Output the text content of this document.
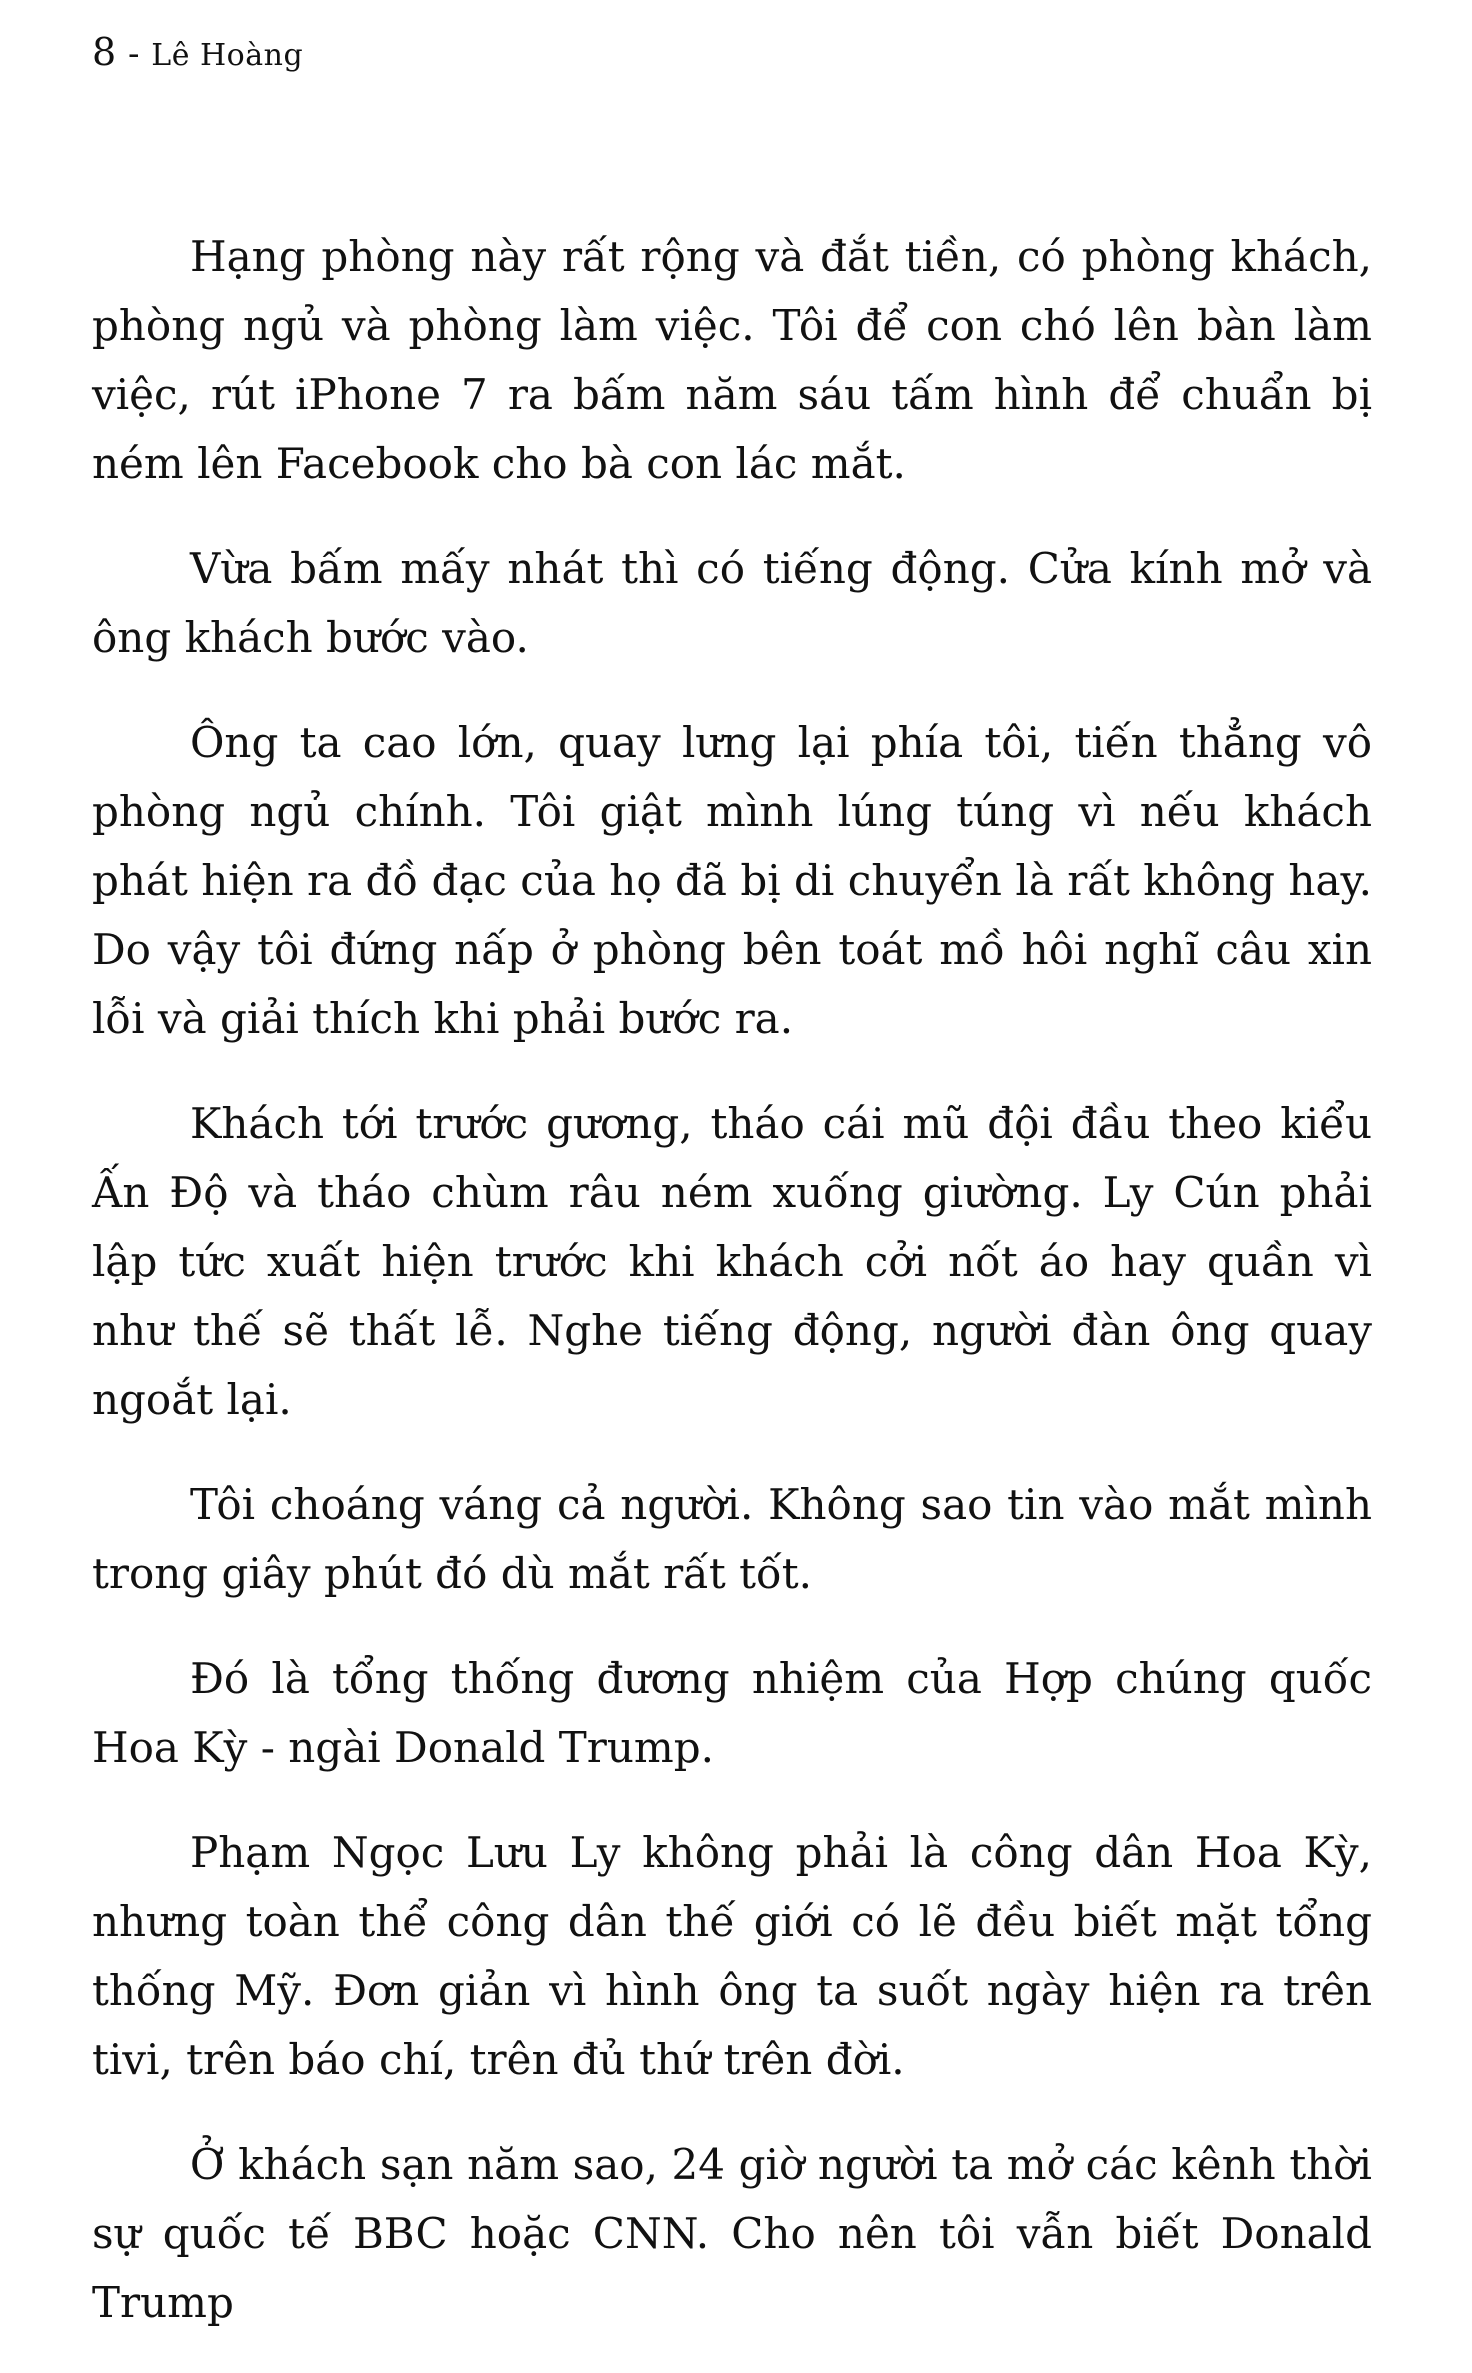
8 - Lê Hoàng

Hạng phòng này rất rộng và đắt tiền, có phòng khách, phòng ngủ và phòng làm việc. Tôi để con chó lên bàn làm việc, rút iPhone 7 ra bấm năm sáu tấm hình để chuẩn bị ném lên Facebook cho bà con lác mắt.

Vừa bấm mấy nhát thì có tiếng động. Cửa kính mở và ông khách bước vào.

Ông ta cao lớn, quay lưng lại phía tôi, tiến thẳng vô phòng ngủ chính. Tôi giật mình lúng túng vì nếu khách phát hiện ra đồ đạc của họ đã bị di chuyển là rất không hay. Do vậy tôi đứng nấp ở phòng bên toát mồ hôi nghĩ câu xin lỗi và giải thích khi phải bước ra.

Khách tới trước gương, tháo cái mũ đội đầu theo kiểu Ấn Độ và tháo chùm râu ném xuống giường. Ly Cún phải lập tức xuất hiện trước khi khách cởi nốt áo hay quần vì như thế sẽ thất lễ. Nghe tiếng động, người đàn ông quay ngoắt lại.

Tôi choáng váng cả người. Không sao tin vào mắt mình trong giây phút đó dù mắt rất tốt.

Đó là tổng thống đương nhiệm của Hợp chúng quốc Hoa Kỳ - ngài Donald Trump.

Phạm Ngọc Lưu Ly không phải là công dân Hoa Kỳ, nhưng toàn thể công dân thế giới có lẽ đều biết mặt tổng thống Mỹ. Đơn giản vì hình ông ta suốt ngày hiện ra trên tivi, trên báo chí, trên đủ thứ trên đời.

Ở khách sạn năm sao, 24 giờ người ta mở các kênh thời sự quốc tế BBC hoặc CNN. Cho nên tôi vẫn biết Donald Trump
